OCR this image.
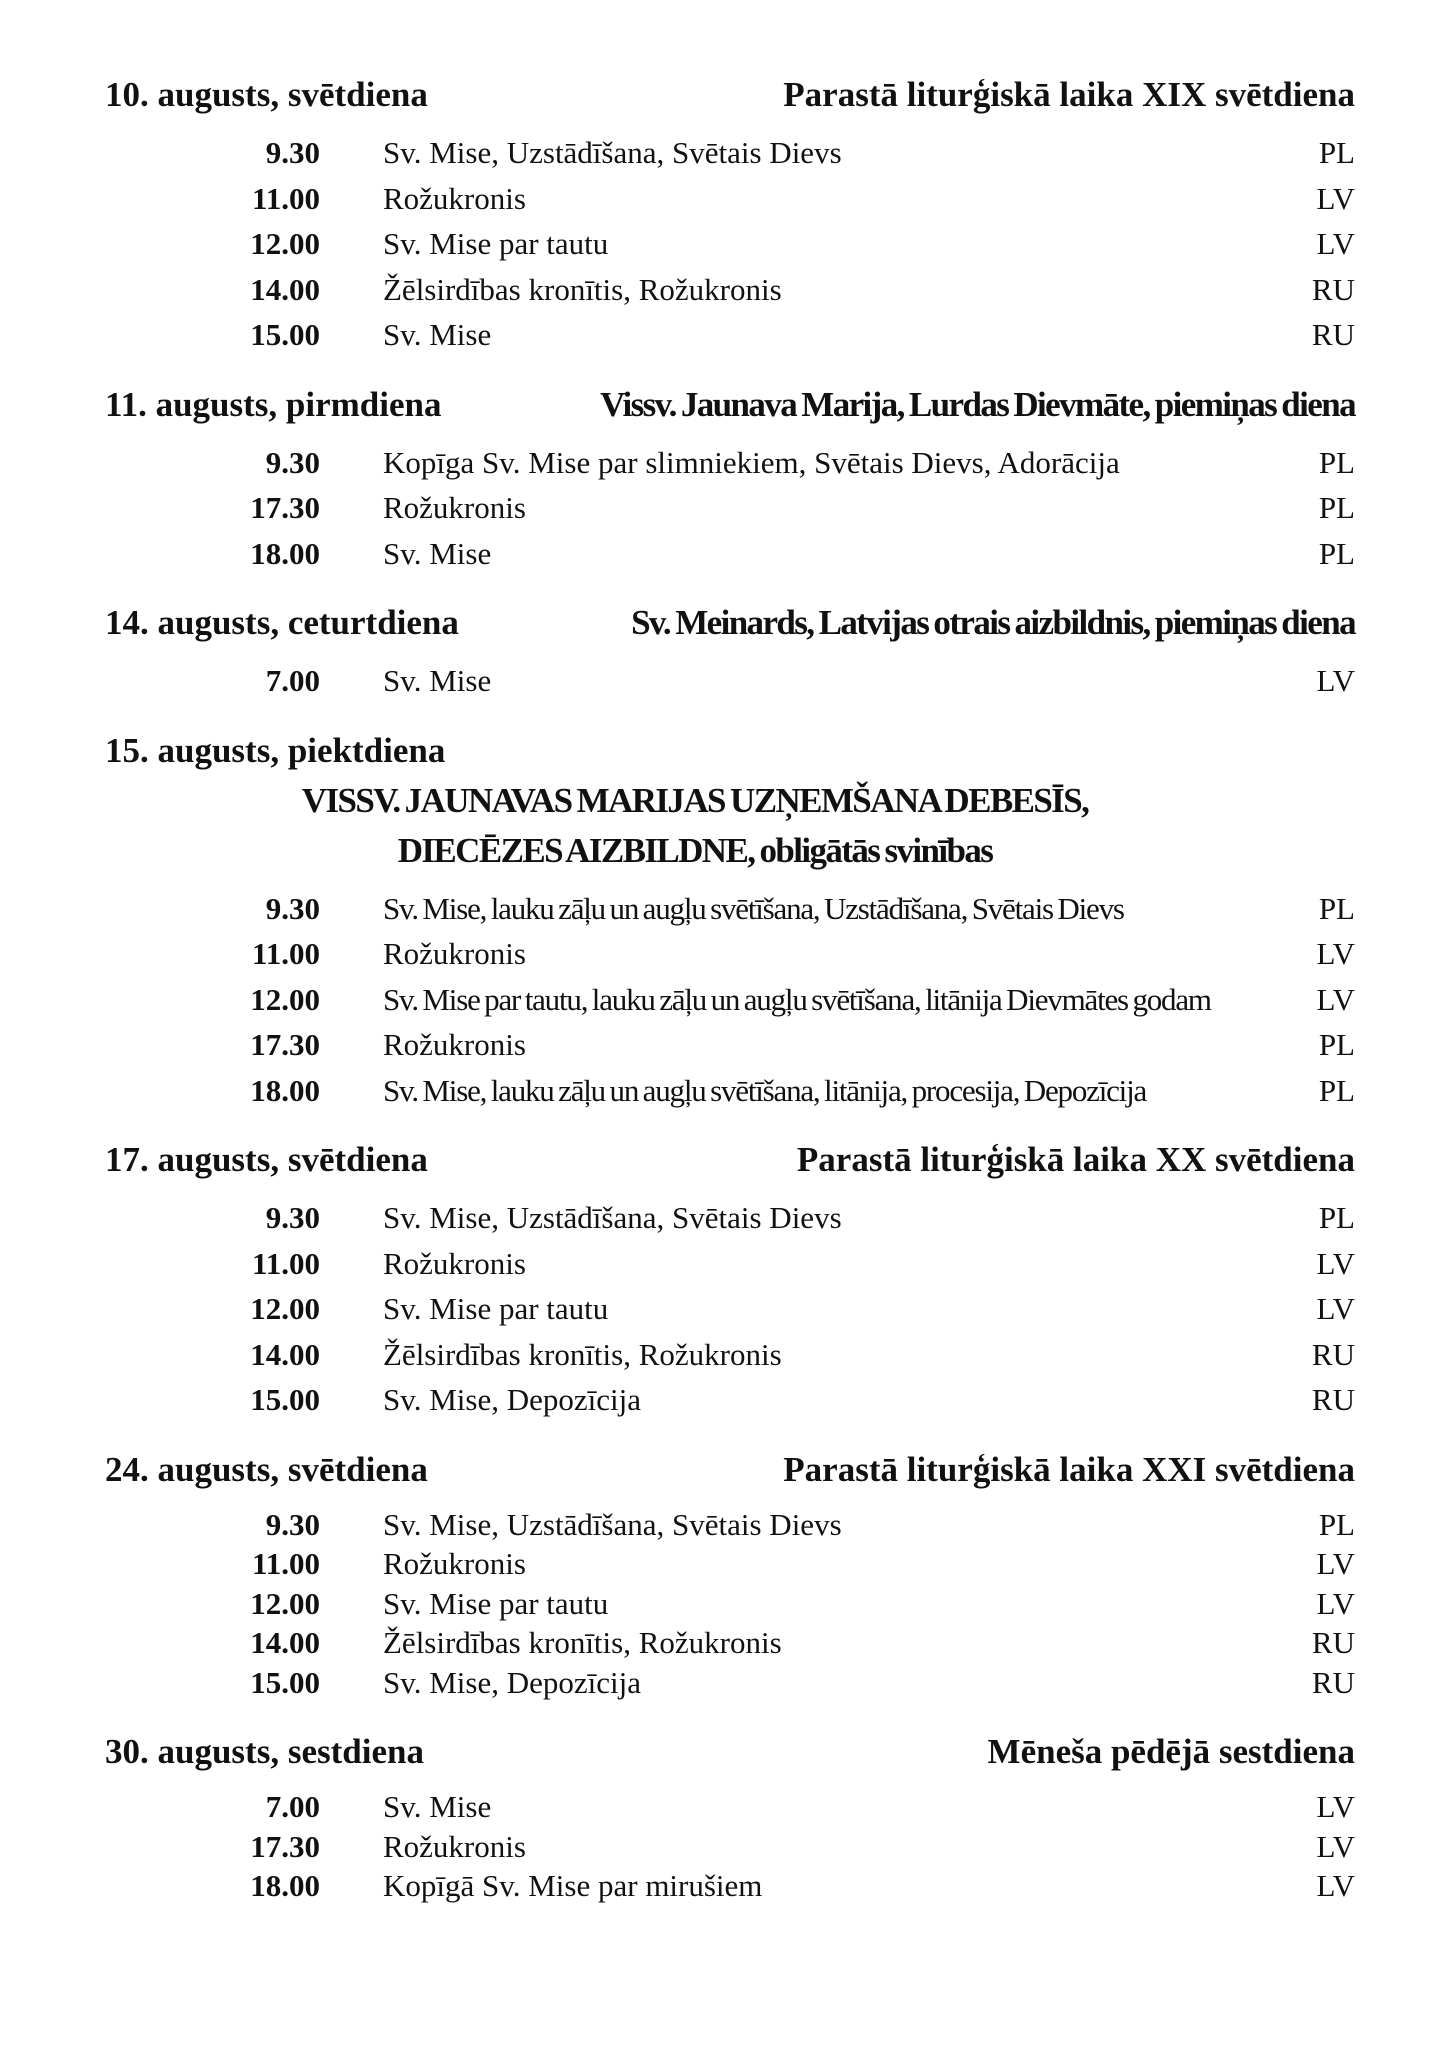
10. augusts, svētdiena	Parastā liturģiskā laika XIX svētdiena
9.30 Sv. Mise, Uzstādīšana, Svētais Dievs	PL
11.00 Rožukronis	LV
12.00 Sv. Mise par tautu	LV
14.00 Žēlsirdības kronītis, Rožukronis	RU
15.00 Sv. Mise	RU
11. augusts, pirmdiena	Vissv. Jaunava Marija, Lurdas Dievmāte, piemiņas diena
9.30 Kopīga Sv. Mise par slimniekiem, Svētais Dievs, Adorācija	PL
17.30 Rožukronis	PL
18.00 Sv. Mise	PL
14. augusts, ceturtdiena	Sv. Meinards, Latvijas otrais aizbildnis, piemiņas diena
7.00 Sv. Mise	LV
15. augusts, piektdiena
VISSV. JAUNAVAS MARIJAS UZŅEMŠANA DEBESĪS,
DIECĒZES AIZBILDNE, obligātās svinības
9.30 Sv. Mise, lauku zāļu un augļu svētīšana, Uzstādīšana, Svētais Dievs	PL
11.00 Rožukronis	LV
12.00 Sv. Mise par tautu, lauku zāļu un augļu svētīšana, litānija Dievmātes godam	LV
17.30 Rožukronis	PL
18.00 Sv. Mise, lauku zāļu un augļu svētīšana, litānija, procesija, Depozīcija	PL
17. augusts, svētdiena	Parastā liturģiskā laika XX svētdiena
9.30 Sv. Mise, Uzstādīšana, Svētais Dievs	PL
11.00 Rožukronis	LV
12.00 Sv. Mise par tautu	LV
14.00 Žēlsirdības kronītis, Rožukronis	RU
15.00 Sv. Mise, Depozīcija	RU
24. augusts, svētdiena	Parastā liturģiskā laika XXI svētdiena
9.30 Sv. Mise, Uzstādīšana, Svētais Dievs	PL
11.00 Rožukronis	LV
12.00 Sv. Mise par tautu	LV
14.00 Žēlsirdības kronītis, Rožukronis	RU
15.00 Sv. Mise, Depozīcija	RU
30. augusts, sestdiena	Mēneša pēdējā sestdiena
7.00 Sv. Mise	LV
17.30 Rožukronis	LV
18.00 Kopīgā Sv. Mise par mirušiem	LV
